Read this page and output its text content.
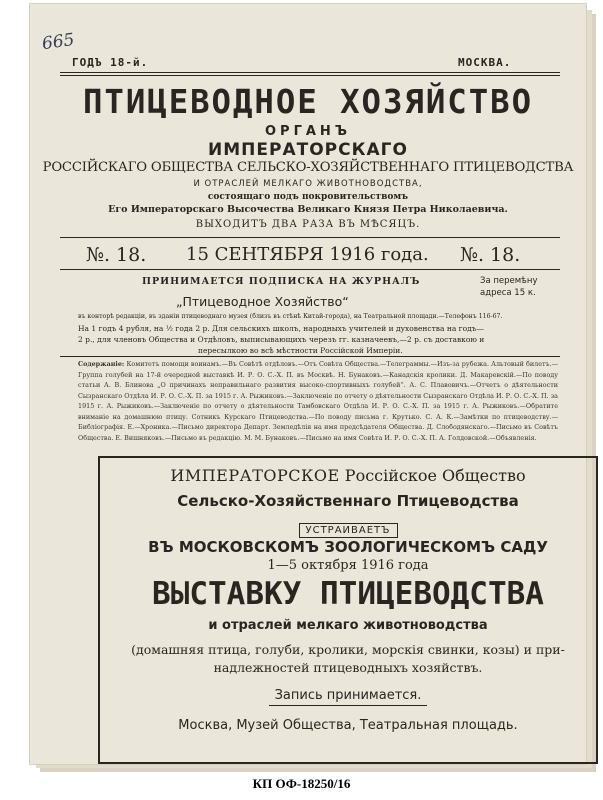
665
ГОДЪ 18-й.	МОСКВА.
ПТИЦЕВОДНОЕ ХОЗЯЙСТВО
ОРГАНЪ
ИМПЕРАТОРСКАГО
РОССІЙСКАГО ОБЩЕСТВА СЕЛЬСКО-ХОЗЯЙСТВЕННАГО ПТИЦЕВОДСТВА
И ОТРАСЛЕЙ МЕЛКАГО ЖИВОТНОВОДСТВА,
состоящаго подъ покровительствомъ
Его Императорскаго Высочества Великаго Князя Петра Николаевича.
ВЫХОДИТЪ ДВА РАЗА ВЪ МѢСЯЦЪ.
№. 18. 15 СЕНТЯБРЯ 1916 года. №. 18.
ПРИНИМАЕТСЯ ПОДПИСКА НА ЖУРНАЛЪ	За перемѣну
адреса 15 к.
„Птицеводное Хозяйство“
въ конторѣ редакціи, въ зданіи птицеводнаго музея (близъ въ стѣнѣ Китай-города), на Театральной площади.—Телефонъ 116-67.
На 1 годъ 4 рубля, на ½ года 2 р. Для сельскихъ школъ, народныхъ учителей и духовенства на годъ—
2 р., для членовъ Общества и Отдѣловъ, выписывающихъ черезъ гг. казначеевъ,—2 р. съ доставкою и
пересылкою во всѣ мѣстности Россійской Имперіи.
Содержаніе: Комитетъ помощи воинамъ.—Въ Совѣтѣ отдѣловъ.—Отъ Совѣта Общества.—Телеграммы.—Изъ-за рубежа. Альтовый билетъ.—Группа голубей на 17-й очередной выставкѣ И. Р. О. С.-Х. П. въ Москвѣ. Н. Бунаковъ.—Канадскія кролики. Д. Макаревскій.—По поводу статьи А. В. Блинова „О причинахъ неправильнаго развития высоко-спортивныхъ голубей“. А. С. Плавовичъ.—Отчетъ о дѣятельности Сызранскаго Отдѣла И. Р. О. С.-Х. П. за 1915 г. А. Рыжиковъ.—Заключеніе по отчету о дѣятельности Сызранскаго Отдѣла И. Р. О. С.-Х. П. за 1915 г. А. Рыжиковъ.—Заключеніе по отчету о дѣятельности Тамбовскаго Отдѣла И. Р. О. С.-Х. П. за 1915 г. А. Рыжиковъ.—Обратите вниманіе на домашнюю птицу. Сотникъ Курскаго Птицеводства.—По поводу письма г. Крутько. С. А. К.—Замѣтки по птицеводству.—Библіографія. Е.—Хроника.—Письмо директора Департ. Земледѣлія на имя предсѣдателя Общества. Д. Слободянскаго.—Письмо въ Совѣтъ Общества. Е. Вишняковъ.—Письмо въ редакцію. М. М. Бунаковъ.—Письмо на имя Совѣта И. Р. О. С.-Х. П. А. Голдовской.—Объявленія.
ИМПЕРАТОРСКОЕ Россійское Общество
Сельско-Хозяйственнаго Птицеводства
УСТРАИВАЕТЪ
ВЪ МОСКОВСКОМЪ ЗООЛОГИЧЕСКОМЪ САДУ
1—5 октября 1916 года
ВЫСТАВКУ ПТИЦЕВОДСТВА
и отраслей мелкаго животноводства
(домашняя птица, голуби, кролики, морскія свинки, козы) и при-
надлежностей птицеводныхъ хозяйствъ.
Запись принимается.
Москва, Музей Общества, Театральная площадь.
КП ОФ-18250/16
